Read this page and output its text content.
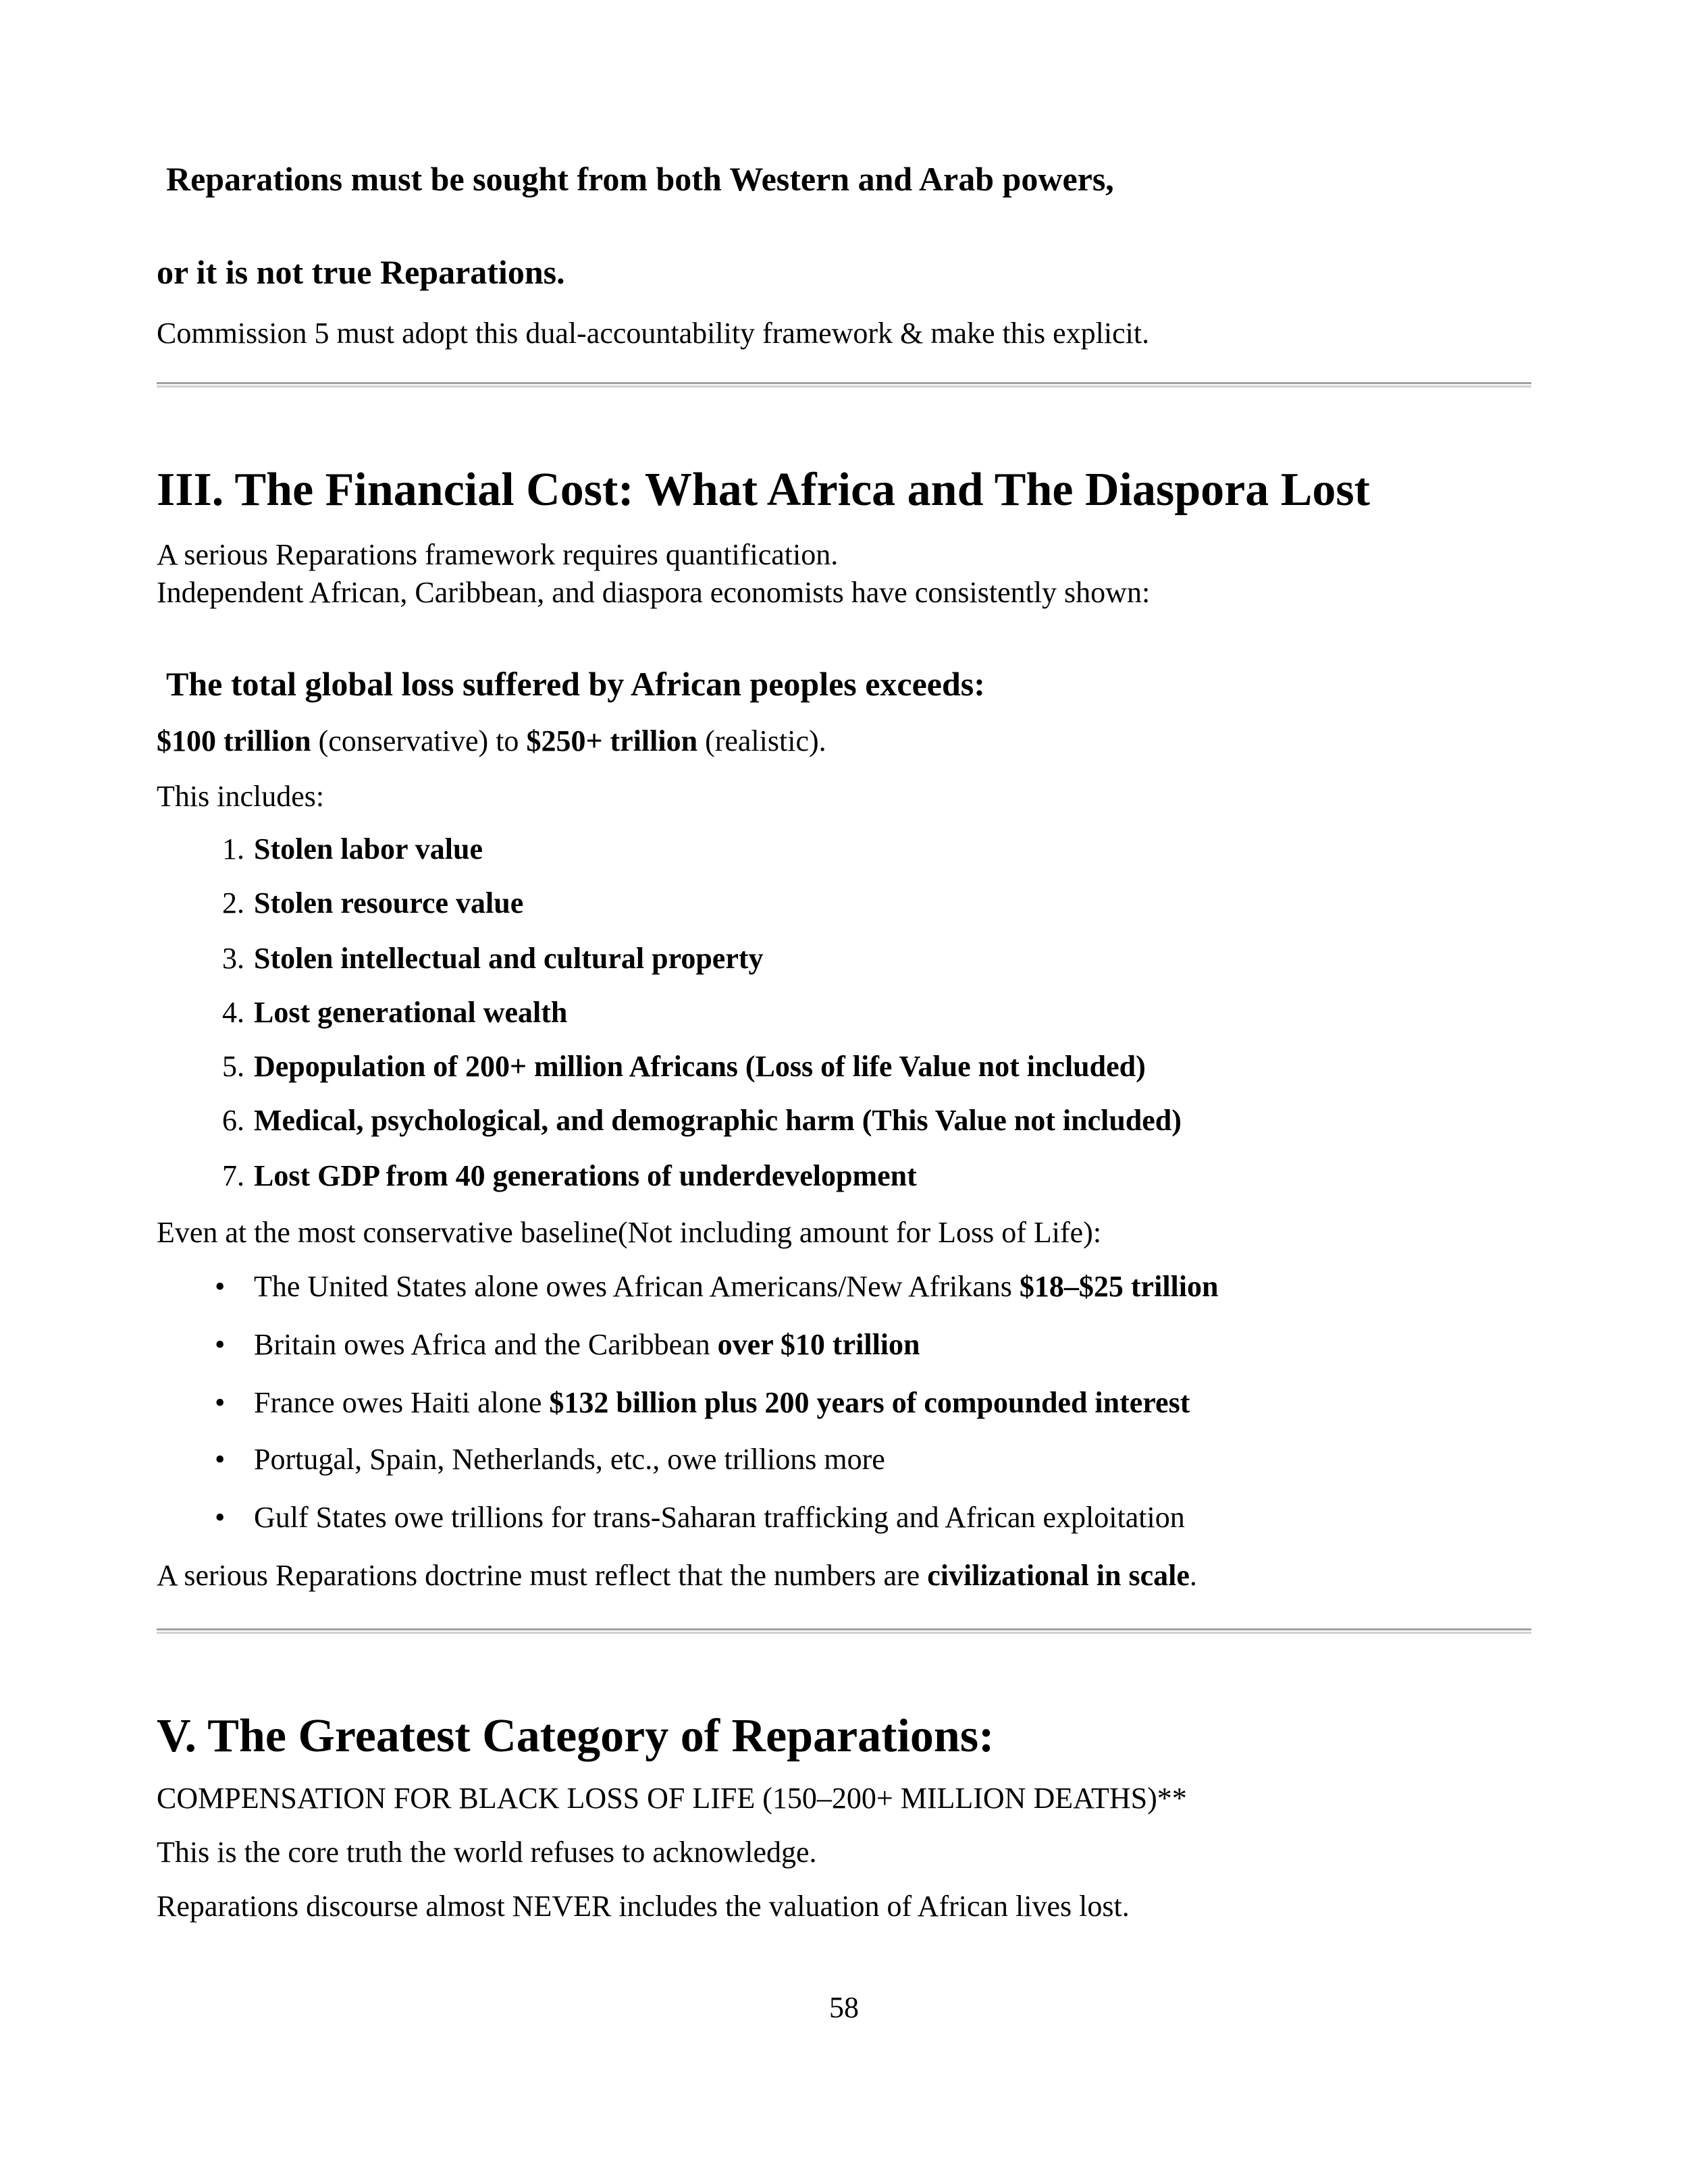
Reparations must be sought from both Western and Arab powers,
or it is not true Reparations.
Commission 5 must adopt this dual-accountability framework & make this explicit.
III. The Financial Cost: What Africa and The Diaspora Lost
A serious Reparations framework requires quantification.
Independent African, Caribbean, and diaspora economists have consistently shown:
The total global loss suffered by African peoples exceeds:
$100 trillion (conservative) to $250+ trillion (realistic).
This includes:
1. Stolen labor value
2. Stolen resource value
3. Stolen intellectual and cultural property
4. Lost generational wealth
5. Depopulation of 200+ million Africans (Loss of life Value not included)
6. Medical, psychological, and demographic harm (This Value not included)
7. Lost GDP from 40 generations of underdevelopment
Even at the most conservative baseline(Not including amount for Loss of Life):
• The United States alone owes African Americans/New Afrikans $18–$25 trillion
• Britain owes Africa and the Caribbean over $10 trillion
• France owes Haiti alone $132 billion plus 200 years of compounded interest
• Portugal, Spain, Netherlands, etc., owe trillions more
• Gulf States owe trillions for trans-Saharan trafficking and African exploitation
A serious Reparations doctrine must reflect that the numbers are civilizational in scale.
V. The Greatest Category of Reparations:
COMPENSATION FOR BLACK LOSS OF LIFE (150–200+ MILLION DEATHS)**
This is the core truth the world refuses to acknowledge.
Reparations discourse almost NEVER includes the valuation of African lives lost.
58
